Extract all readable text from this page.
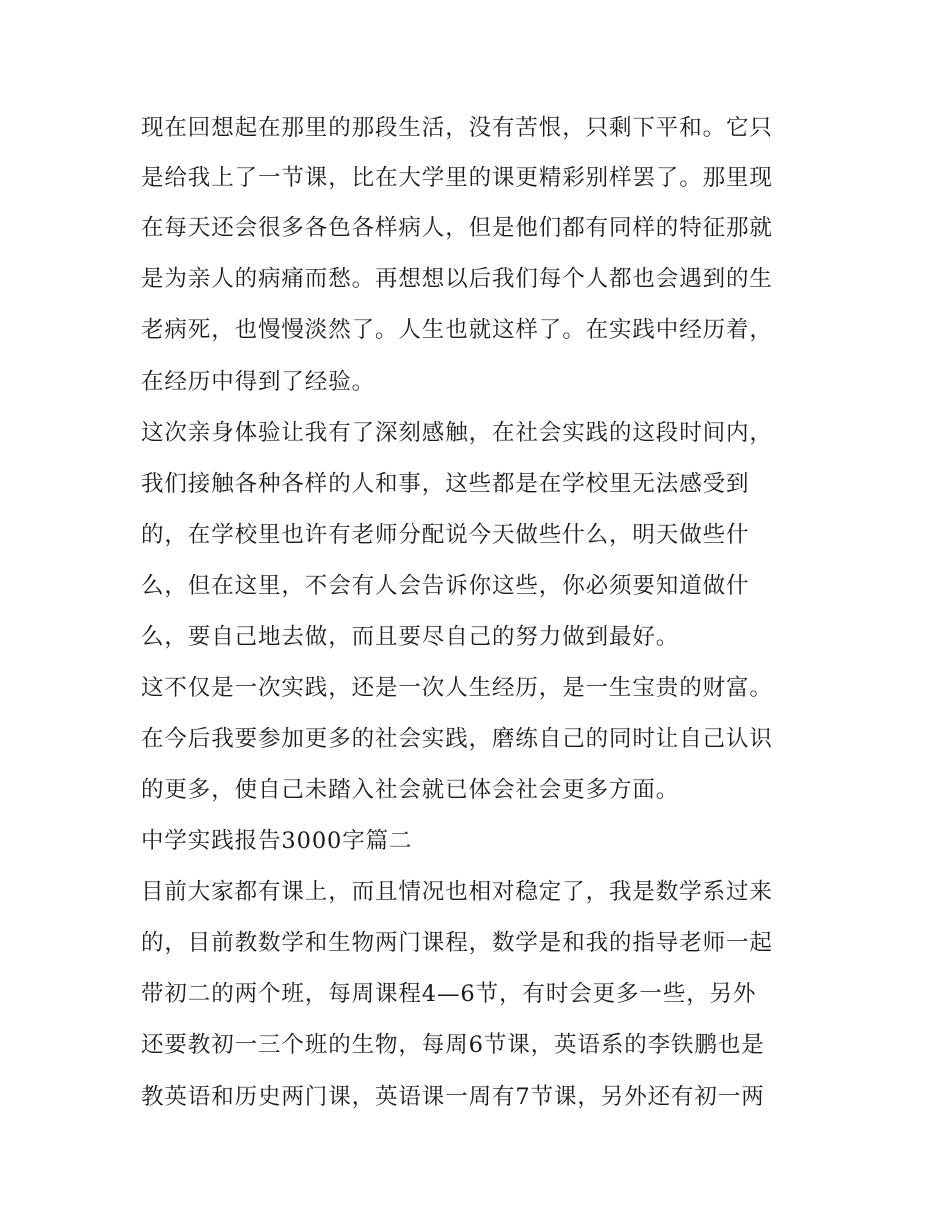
现在回想起在那里的那段生活，没有苦恨，只剩下平和。它只
是给我上了一节课，比在大学里的课更精彩别样罢了。那里现
在每天还会很多各色各样病人，但是他们都有同样的特征那就
是为亲人的病痛而愁。再想想以后我们每个人都也会遇到的生
老病死，也慢慢淡然了。人生也就这样了。在实践中经历着，
在经历中得到了经验。
这次亲身体验让我有了深刻感触，在社会实践的这段时间内，
我们接触各种各样的人和事，这些都是在学校里无法感受到
的，在学校里也许有老师分配说今天做些什么，明天做些什
么，但在这里，不会有人会告诉你这些，你必须要知道做什
么，要自己地去做，而且要尽自己的努力做到最好。
这不仅是一次实践，还是一次人生经历，是一生宝贵的财富。
在今后我要参加更多的社会实践，磨练自己的同时让自己认识
的更多，使自己未踏入社会就已体会社会更多方面。
中学实践报告3000字篇二
目前大家都有课上，而且情况也相对稳定了，我是数学系过来
的，目前教数学和生物两门课程，数学是和我的指导老师一起
带初二的两个班，每周课程4—6节，有时会更多一些，另外
还要教初一三个班的生物，每周6节课，英语系的李铁鹏也是
教英语和历史两门课，英语课一周有7节课，另外还有初一两
